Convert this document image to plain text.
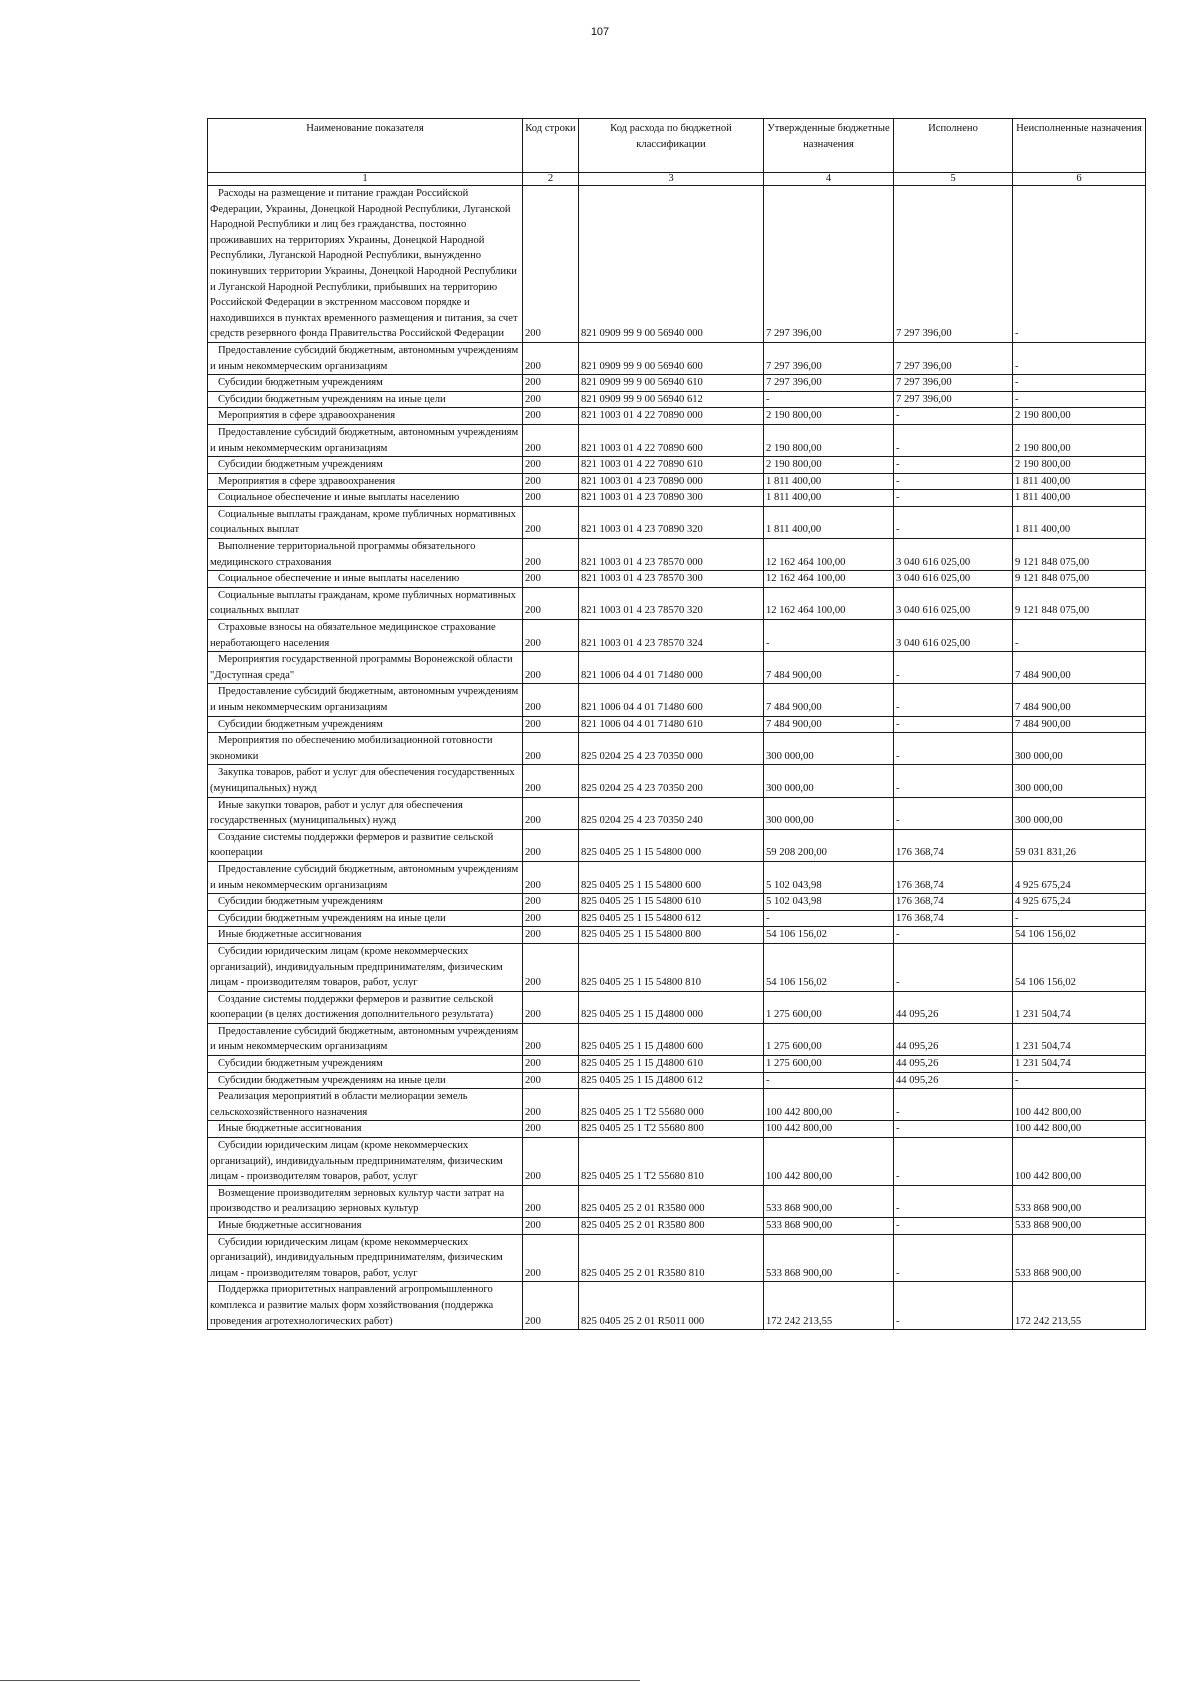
107
Наименование показателя	Код строки	Код расхода по бюджетной классификации	Утвержденные бюджетные назначения	Исполнено	Неисполненные назначения
1	2	3	4	5	6
Расходы на размещение и питание граждан Российской Федерации, Украины, Донецкой Народной Республики, Луганской Народной Республики и лиц без гражданства, постоянно проживавших на территориях Украины, Донецкой Народной Республики, Луганской Народной Республики, вынужденно покинувших территории Украины, Донецкой Народной Республики и Луганской Народной Республики, прибывших на территорию Российской Федерации в экстренном массовом порядке и находившихся в пунктах временного размещения и питания, за счет средств резервного фонда Правительства Российской Федерации	200	821 0909 99 9 00 56940 000	7 297 396,00	7 297 396,00	-
Предоставление субсидий бюджетным, автономным учреждениям и иным некоммерческим организациям	200	821 0909 99 9 00 56940 600	7 297 396,00	7 297 396,00	-
Субсидии бюджетным учреждениям	200	821 0909 99 9 00 56940 610	7 297 396,00	7 297 396,00	-
Субсидии бюджетным учреждениям на иные цели	200	821 0909 99 9 00 56940 612	-	7 297 396,00	-
Мероприятия в сфере здравоохранения	200	821 1003 01 4 22 70890 000	2 190 800,00	-	2 190 800,00
Предоставление субсидий бюджетным, автономным учреждениям и иным некоммерческим организациям	200	821 1003 01 4 22 70890 600	2 190 800,00	-	2 190 800,00
Субсидии бюджетным учреждениям	200	821 1003 01 4 22 70890 610	2 190 800,00	-	2 190 800,00
Мероприятия в сфере здравоохранения	200	821 1003 01 4 23 70890 000	1 811 400,00	-	1 811 400,00
Социальное обеспечение и иные выплаты населению	200	821 1003 01 4 23 70890 300	1 811 400,00	-	1 811 400,00
Социальные выплаты гражданам, кроме публичных нормативных социальных выплат	200	821 1003 01 4 23 70890 320	1 811 400,00	-	1 811 400,00
Выполнение территориальной программы обязательного медицинского страхования	200	821 1003 01 4 23 78570 000	12 162 464 100,00	3 040 616 025,00	9 121 848 075,00
Социальное обеспечение и иные выплаты населению	200	821 1003 01 4 23 78570 300	12 162 464 100,00	3 040 616 025,00	9 121 848 075,00
Социальные выплаты гражданам, кроме публичных нормативных социальных выплат	200	821 1003 01 4 23 78570 320	12 162 464 100,00	3 040 616 025,00	9 121 848 075,00
Страховые взносы на обязательное медицинское страхование неработающего населения	200	821 1003 01 4 23 78570 324	-	3 040 616 025,00	-
Мероприятия государственной программы Воронежской области "Доступная среда"	200	821 1006 04 4 01 71480 000	7 484 900,00	-	7 484 900,00
Предоставление субсидий бюджетным, автономным учреждениям и иным некоммерческим организациям	200	821 1006 04 4 01 71480 600	7 484 900,00	-	7 484 900,00
Субсидии бюджетным учреждениям	200	821 1006 04 4 01 71480 610	7 484 900,00	-	7 484 900,00
Мероприятия по обеспечению мобилизационной готовности экономики	200	825 0204 25 4 23 70350 000	300 000,00	-	300 000,00
Закупка товаров, работ и услуг для обеспечения государственных (муниципальных) нужд	200	825 0204 25 4 23 70350 200	300 000,00	-	300 000,00
Иные закупки товаров, работ и услуг для обеспечения государственных (муниципальных) нужд	200	825 0204 25 4 23 70350 240	300 000,00	-	300 000,00
Создание системы поддержки фермеров и развитие сельской кооперации	200	825 0405 25 1 I5 54800 000	59 208 200,00	176 368,74	59 031 831,26
Предоставление субсидий бюджетным, автономным учреждениям и иным некоммерческим организациям	200	825 0405 25 1 I5 54800 600	5 102 043,98	176 368,74	4 925 675,24
Субсидии бюджетным учреждениям	200	825 0405 25 1 I5 54800 610	5 102 043,98	176 368,74	4 925 675,24
Субсидии бюджетным учреждениям на иные цели	200	825 0405 25 1 I5 54800 612	-	176 368,74	-
Иные бюджетные ассигнования	200	825 0405 25 1 I5 54800 800	54 106 156,02	-	54 106 156,02
Субсидии юридическим лицам (кроме некоммерческих организаций), индивидуальным предпринимателям, физическим лицам - производителям товаров, работ, услуг	200	825 0405 25 1 I5 54800 810	54 106 156,02	-	54 106 156,02
Создание системы поддержки фермеров и развитие сельской кооперации (в целях достижения дополнительного результата)	200	825 0405 25 1 I5 Д4800 000	1 275 600,00	44 095,26	1 231 504,74
Предоставление субсидий бюджетным, автономным учреждениям и иным некоммерческим организациям	200	825 0405 25 1 I5 Д4800 600	1 275 600,00	44 095,26	1 231 504,74
Субсидии бюджетным учреждениям	200	825 0405 25 1 I5 Д4800 610	1 275 600,00	44 095,26	1 231 504,74
Субсидии бюджетным учреждениям на иные цели	200	825 0405 25 1 I5 Д4800 612	-	44 095,26	-
Реализация мероприятий в области мелиорации земель сельскохозяйственного назначения	200	825 0405 25 1 T2 55680 000	100 442 800,00	-	100 442 800,00
Иные бюджетные ассигнования	200	825 0405 25 1 T2 55680 800	100 442 800,00	-	100 442 800,00
Субсидии юридическим лицам (кроме некоммерческих организаций), индивидуальным предпринимателям, физическим лицам - производителям товаров, работ, услуг	200	825 0405 25 1 T2 55680 810	100 442 800,00	-	100 442 800,00
Возмещение производителям зерновых культур части затрат на производство и реализацию зерновых культур	200	825 0405 25 2 01 R3580 000	533 868 900,00	-	533 868 900,00
Иные бюджетные ассигнования	200	825 0405 25 2 01 R3580 800	533 868 900,00	-	533 868 900,00
Субсидии юридическим лицам (кроме некоммерческих организаций), индивидуальным предпринимателям, физическим лицам - производителям товаров, работ, услуг	200	825 0405 25 2 01 R3580 810	533 868 900,00	-	533 868 900,00
Поддержка приоритетных направлений агропромышленного комплекса и развитие малых форм хозяйствования (поддержка проведения агротехнологических работ)	200	825 0405 25 2 01 R5011 000	172 242 213,55	-	172 242 213,55
